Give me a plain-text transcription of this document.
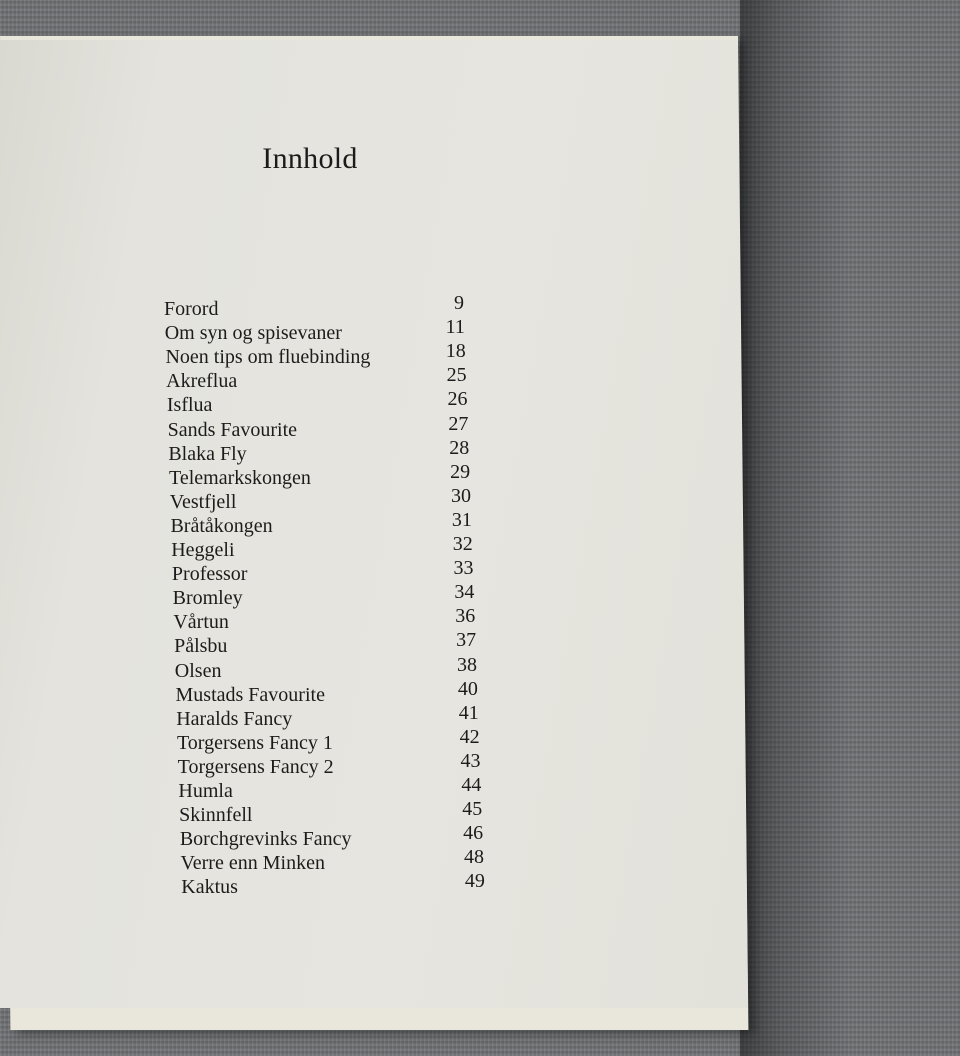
Innhold
Forord	9
Om syn og spisevaner	11
Noen tips om fluebinding	18
Akreflua	25
Isflua	26
Sands Favourite	27
Blaka Fly	28
Telemarkskongen	29
Vestfjell	30
Bråtåkongen	31
Heggeli	32
Professor	33
Bromley	34
Vårtun	36
Pålsbu	37
Olsen	38
Mustads Favourite	40
Haralds Fancy	41
Torgersens Fancy 1	42
Torgersens Fancy 2	43
Humla	44
Skinnfell	45
Borchgrevinks Fancy	46
Verre enn Minken	48
Kaktus	49
